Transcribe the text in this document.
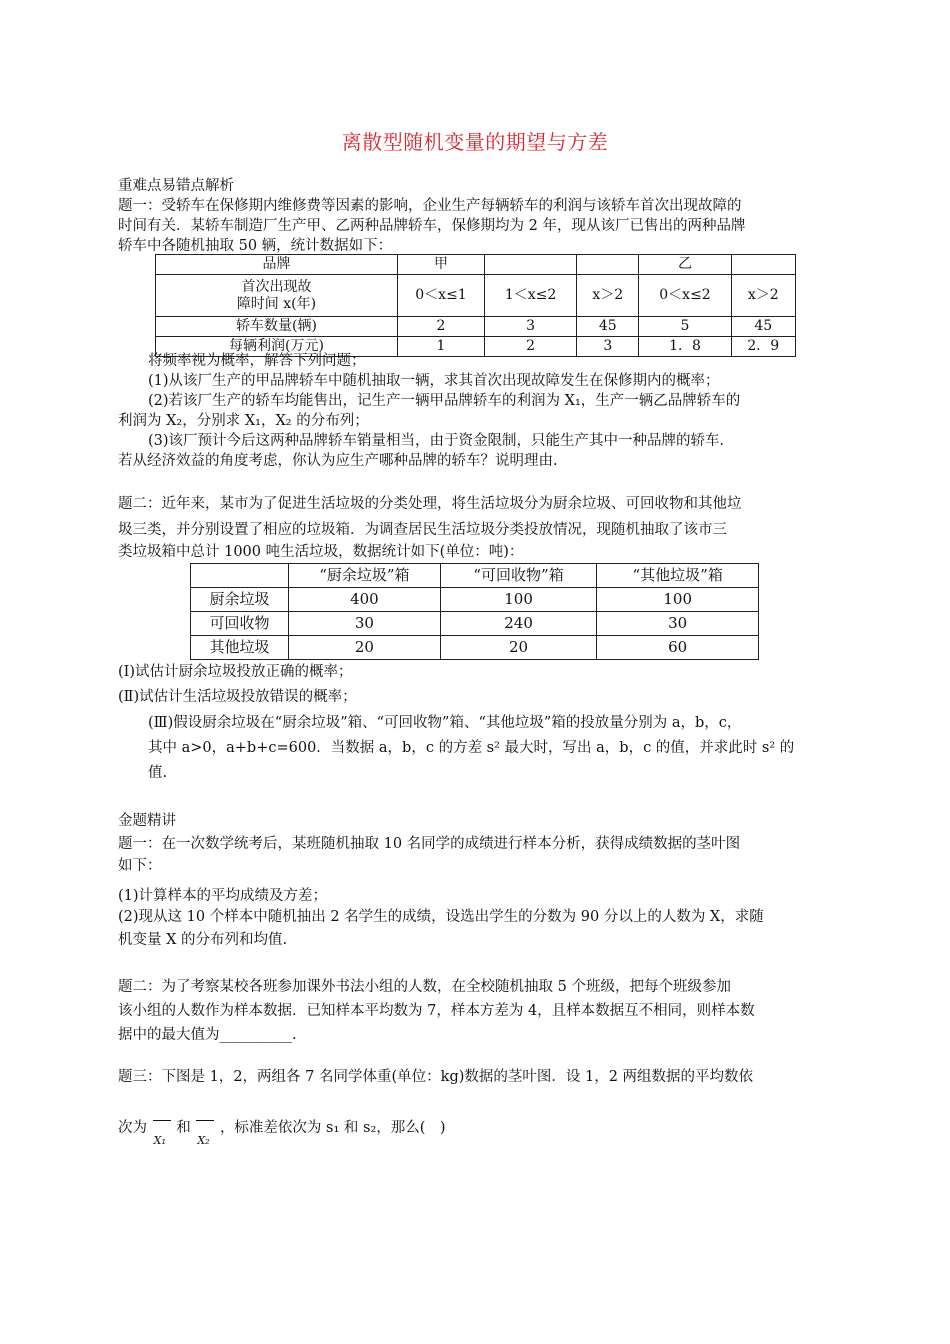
离散型随机变量的期望与方差
重难点易错点解析
题一：受轿车在保修期内维修费等因素的影响，企业生产每辆轿车的利润与该轿车首次出现故障的
时间有关．某轿车制造厂生产甲、乙两种品牌轿车，保修期均为 2 年，现从该厂已售出的两种品牌
轿车中各随机抽取 50 辆，统计数据如下：
品牌	甲			乙	

首次出现故
障时间 x(年)	0＜x≤1	1＜x≤2	x＞2	0＜x≤2	x＞2
轿车数量(辆)	2	3	45	5	45
每辆利润(万元)	1	2	3	1．8	2．9
将频率视为概率，解答下列问题；
(1)从该厂生产的甲品牌轿车中随机抽取一辆，求其首次出现故障发生在保修期内的概率；
(2)若该厂生产的轿车均能售出，记生产一辆甲品牌轿车的利润为 X₁，生产一辆乙品牌轿车的
利润为 X₂，分别求 X₁，X₂ 的分布列；
(3)该厂预计今后这两种品牌轿车销量相当，由于资金限制，只能生产其中一种品牌的轿车．
若从经济效益的角度考虑，你认为应生产哪种品牌的轿车？说明理由.
题二：近年来，某市为了促进生活垃圾的分类处理，将生活垃圾分为厨余垃圾、可回收物和其他垃
圾三类，并分别设置了相应的垃圾箱．为调查居民生活垃圾分类投放情况，现随机抽取了该市三
类垃圾箱中总计 1000 吨生活垃圾，数据统计如下(单位：吨)：
	“厨余垃圾”箱	“可回收物”箱	“其他垃圾”箱
厨余垃圾	400	100	100
可回收物	30	240	30
其他垃圾	20	20	60
(Ⅰ)试估计厨余垃圾投放正确的概率；
(Ⅱ)试估计生活垃圾投放错误的概率；
(Ⅲ)假设厨余垃圾在“厨余垃圾”箱、“可回收物”箱、“其他垃圾”箱的投放量分别为 a，b，c，
其中 a>0，a+b+c=600．当数据 a，b，c 的方差 s² 最大时，写出 a，b，c 的值，并求此时 s² 的
值.
金题精讲
题一：在一次数学统考后，某班随机抽取 10 名同学的成绩进行样本分析，获得成绩数据的茎叶图
如下：
(1)计算样本的平均成绩及方差；
(2)现从这 10 个样本中随机抽出 2 名学生的成绩，设选出学生的分数为 90 分以上的人数为 X，求随
机变量 X 的分布列和均值.
题二：为了考察某校各班参加课外书法小组的人数，在全校随机抽取 5 个班级，把每个班级参加
该小组的人数作为样本数据．已知样本平均数为 7，样本方差为 4，且样本数据互不相同，则样本数
据中的最大值为__________.
题三：下图是 1，2，两组各 7 名同学体重(单位：kg)数据的茎叶图．设 1，2 两组数据的平均数依
次为
X₁
和
X₂
，标准差依次为 s₁ 和 s₂，那么(　)
